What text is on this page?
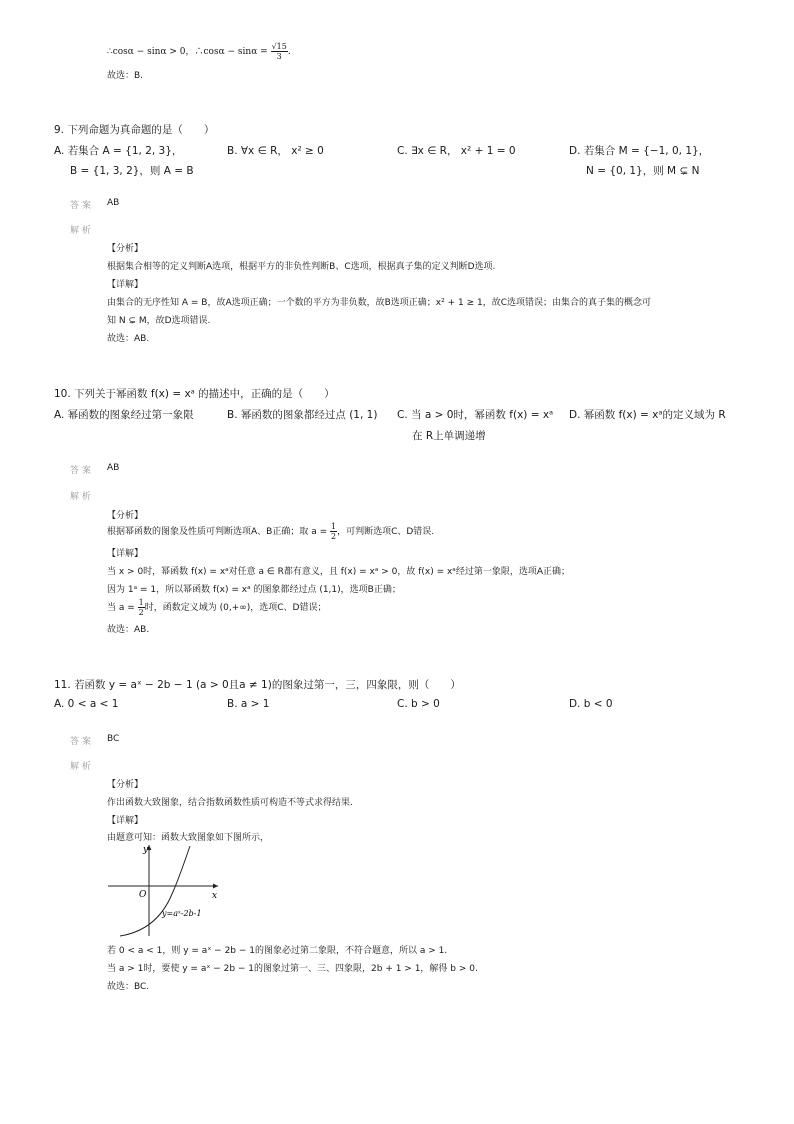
∴cosα − sinα > 0，∴cosα − $\sin\alpha = \frac{√15}{3}$ .
故选：B.
9. 下列命题为真命题的是（　　）
A. 若集合 A = {1, 2, 3}，
B = {1, 3, 2}，则 A = B
B. ∀x ∈ R， x² ≥ 0	C. ∃x ∈ R， x² + 1 = 0	D. 若集合 M = {−1, 0, 1}，
N = {0, 1}，则 M ⊊ N
答 案 AB
解 析
【分析】
根据集合相等的定义判断A选项，根据平方的非负性判断B、C选项，根据真子集的定义判断D选项.
【详解】
由集合的无序性知 A = B，故A选项正确；一个数的平方为非负数，故B选项正确；x² + 1 ≥ 1，故C选项错误；由集合的真子集的概念可
知 N ⊊ M，故D选项错误.
故选：AB.
10. 下列关于幂函数 f(x) = xᵃ 的描述中，正确的是（　　）
A. 幂函数的图象经过第一象限	B. 幂函数的图象都经过点 (1, 1) C. 当 a > 0时，幂函数 f(x) = xᵃ
在 R上单调递增
D. 幂函数 f(x) = xᵃ的定义域为 R
答 案 AB
解 析
【分析】
根据幂函数的图象及性质可判断选项A、B正确；取 $a = \frac{1}{2}$ ，可判断选项C、D错误.
【详解】
当 x > 0时，幂函数 f(x) = xᵃ对任意 a ∈ R都有意义，且 f(x) = xᵃ > 0，故 f(x) = xᵃ经过第一象限，选项A正确；
因为 1ᵃ = 1，所以幂函数 f(x) = xᵃ 的图象都经过点 (1,1)，选项B正确；
当 $a = \frac{1}{2}$ 时，函数定义域为 (0,+∞)，选项C、D错误；
故选：AB.
11. 若函数 y = aˣ − 2b − 1 (a > 0且a ≠ 1)的图象过第一，三，四象限，则（　　）
A. 0 < a < 1	B. a > 1	C. b > 0	D. b < 0
答 案 BC
解 析
【分析】
作出函数大致图象，结合指数函数性质可构造不等式求得结果.
【详解】
由题意可知：函数大致图象如下图所示，
y
x
O
y=aˣ-2b-1
若 0 < a < 1，则 y = aˣ − 2b − 1的图象必过第二象限，不符合题意，所以 a > 1.
当 a > 1时，要使 y = aˣ − 2b − 1的图象过第一、三、四象限，2b + 1 > 1，解得 b > 0.
故选：BC.
